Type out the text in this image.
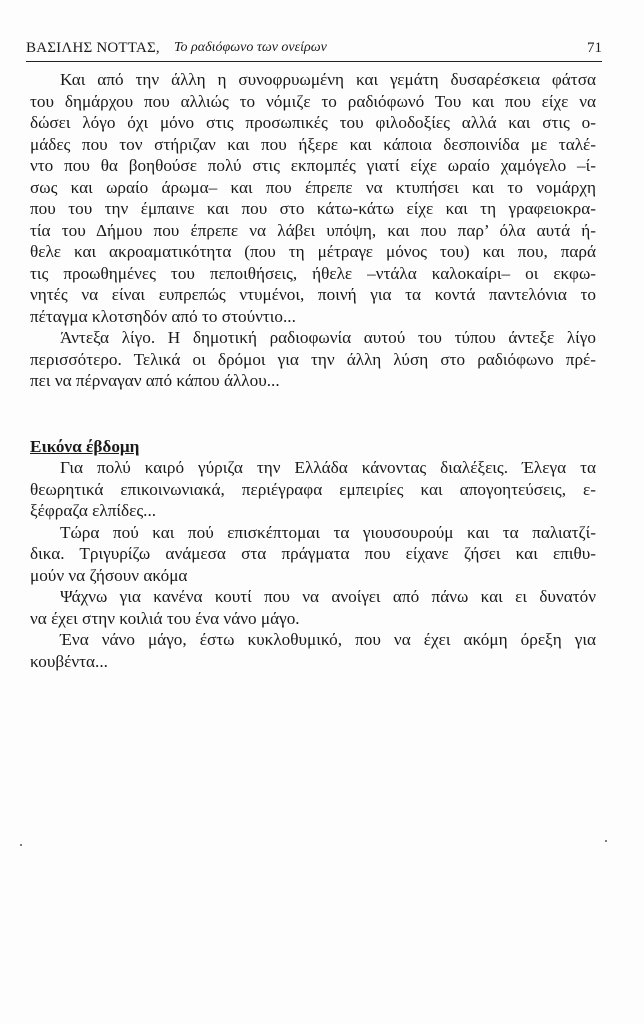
ΒΑΣΙΛΗΣ ΝΟΤΤΑΣ, Το ραδιόφωνο των ονείρων	71
Και από την άλλη η συνοφρυωμένη και γεμάτη δυσαρέσκεια φάτσα
του δημάρχου που αλλιώς το νόμιζε το ραδιόφωνό Του και που είχε να
δώσει λόγο όχι μόνο στις προσωπικές του φιλοδοξίες αλλά και στις ο-
μάδες που τον στήριζαν και που ήξερε και κάποια δεσποινίδα με ταλέ-
ντο που θα βοηθούσε πολύ στις εκπομπές γιατί είχε ωραίο χαμόγελο –ί-
σως και ωραίο άρωμα– και που έπρεπε να κτυπήσει και το νομάρχη
που του την έμπαινε και που στο κάτω-κάτω είχε και τη γραφειοκρα-
τία του Δήμου που έπρεπε να λάβει υπόψη, και που παρ’ όλα αυτά ή-
θελε και ακροαματικότητα (που τη μέτραγε μόνος του) και που, παρά
τις προωθημένες του πεποιθήσεις, ήθελε –ντάλα καλοκαίρι– οι εκφω-
νητές να είναι ευπρεπώς ντυμένοι, ποινή για τα κοντά παντελόνια το
πέταγμα κλοτσηδόν από το στούντιο...
Άντεξα λίγο. Η δημοτική ραδιοφωνία αυτού του τύπου άντεξε λίγο
περισσότερο. Τελικά οι δρόμοι για την άλλη λύση στο ραδιόφωνο πρέ-
πει να πέρναγαν από κάπου άλλου...
Εικόνα έβδομη
Για πολύ καιρό γύριζα την Ελλάδα κάνοντας διαλέξεις. Έλεγα τα
θεωρητικά επικοινωνιακά, περιέγραφα εμπειρίες και απογοητεύσεις, ε-
ξέφραζα ελπίδες...
Τώρα πού και πού επισκέπτομαι τα γιουσουρούμ και τα παλιατζί-
δικα. Τριγυρίζω ανάμεσα στα πράγματα που είχανε ζήσει και επιθυ-
μούν να ζήσουν ακόμα
Ψάχνω για κανένα κουτί που να ανοίγει από πάνω και ει δυνατόν
να έχει στην κοιλιά του ένα νάνο μάγο.
Ένα νάνο μάγο, έστω κυκλοθυμικό, που να έχει ακόμη όρεξη για
κουβέντα...
